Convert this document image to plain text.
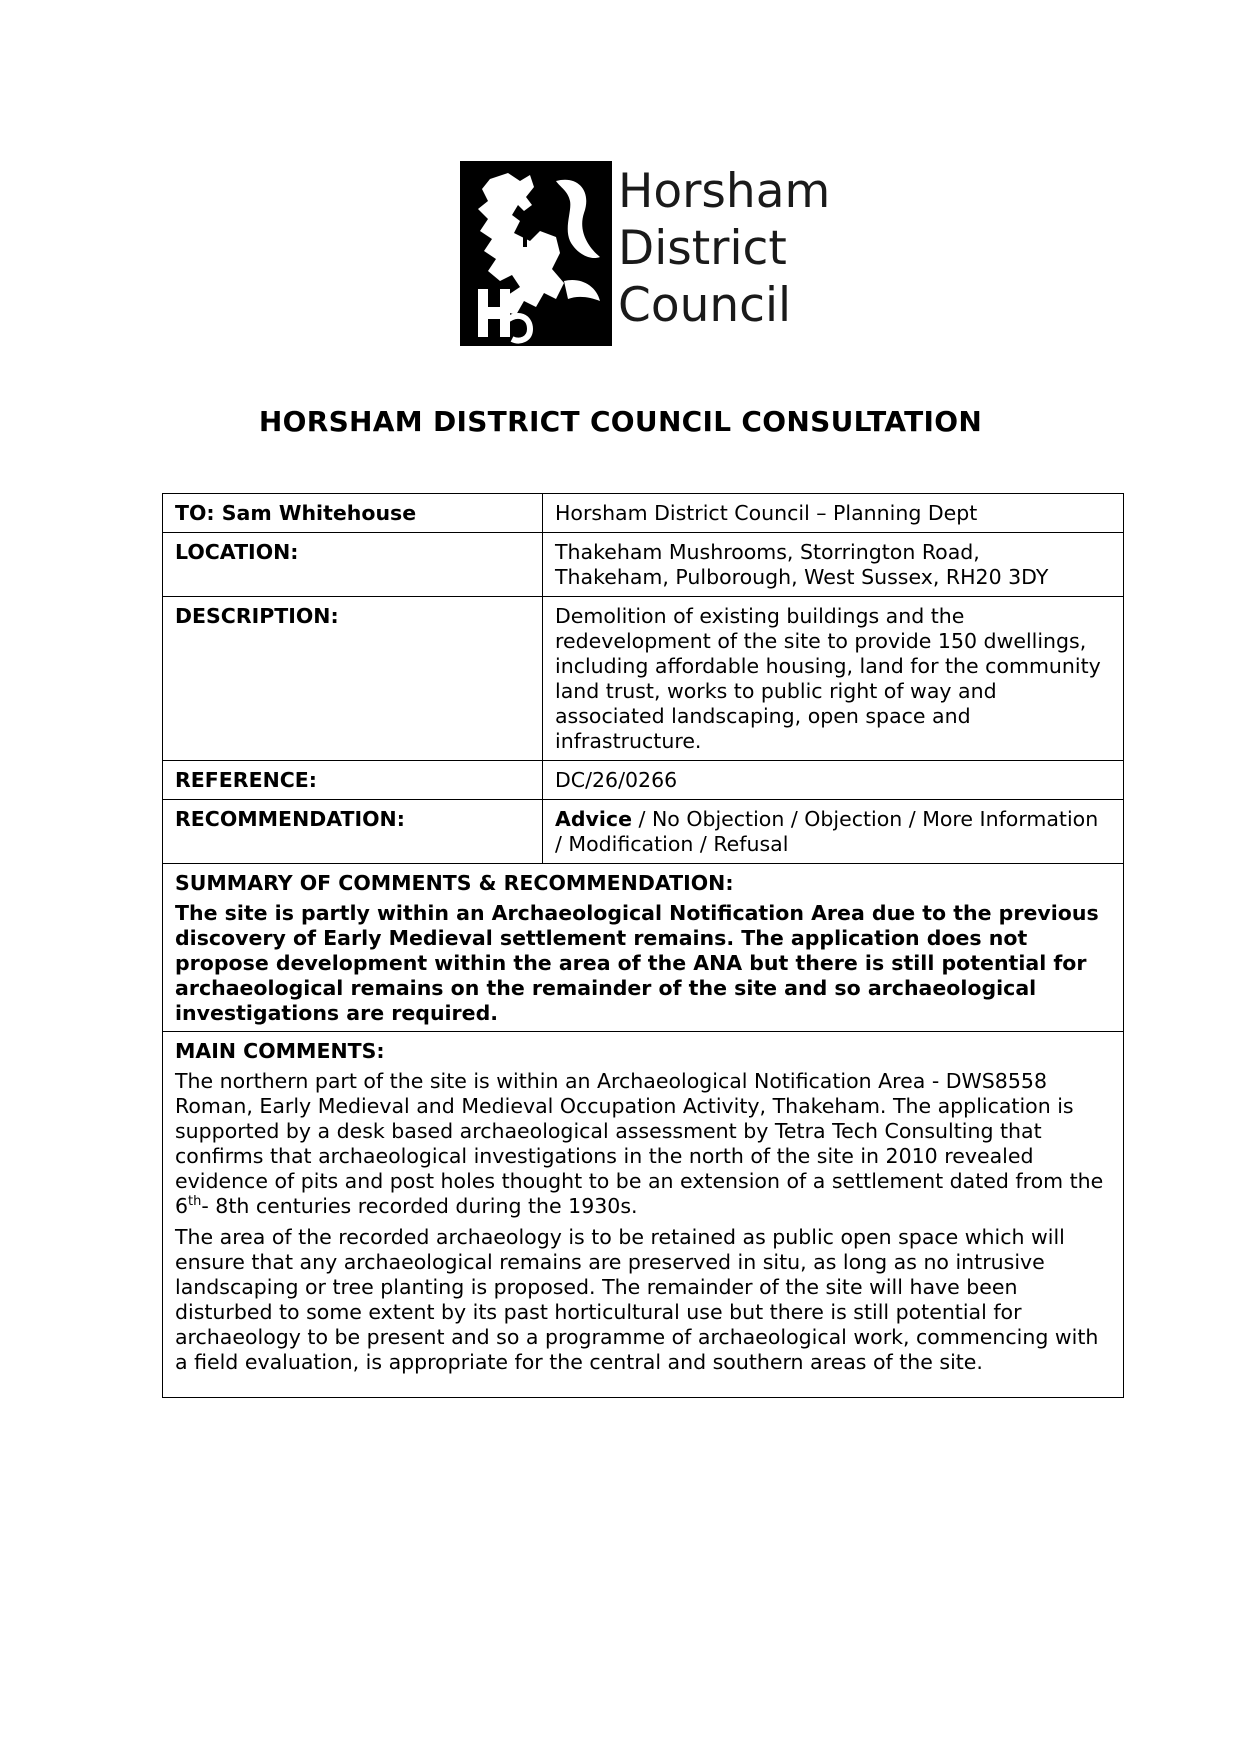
Horsham
District
Council
HORSHAM DISTRICT COUNCIL CONSULTATION
TO: Sam Whitehouse	Horsham District Council – Planning Dept
LOCATION:	Thakeham Mushrooms, Storrington Road,
Thakeham, Pulborough, West Sussex, RH20 3DY

DESCRIPTION:	Demolition of existing buildings and the redevelopment of the site to provide 150 dwellings, including affordable housing, land for the community land trust, works to public right of way and associated landscaping, open space and infrastructure.
REFERENCE:	DC/26/0266
RECOMMENDATION:	Advice / No Objection / Objection / More Information / Modification / Refusal

SUMMARY OF COMMENTS & RECOMMENDATION:

The site is partly within an Archaeological Notification Area due to the previous discovery of Early Medieval settlement remains. The application does not propose development within the area of the ANA but there is still potential for archaeological remains on the remainder of the site and so archaeological investigations are required.	

MAIN COMMENTS:

The northern part of the site is within an Archaeological Notification Area - DWS8558 Roman, Early Medieval and Medieval Occupation Activity, Thakeham. The application is supported by a desk based archaeological assessment by Tetra Tech Consulting that confirms that archaeological investigations in the north of the site in 2010 revealed evidence of pits and post holes thought to be an extension of a settlement dated from the 6th- 8th centuries recorded during the 1930s.

The area of the recorded archaeology is to be retained as public open space which will ensure that any archaeological remains are preserved in situ, as long as no intrusive landscaping or tree planting is proposed. The remainder of the site will have been disturbed to some extent by its past horticultural use but there is still potential for archaeology to be present and so a programme of archaeological work, commencing with a field evaluation, is appropriate for the central and southern areas of the site.	
